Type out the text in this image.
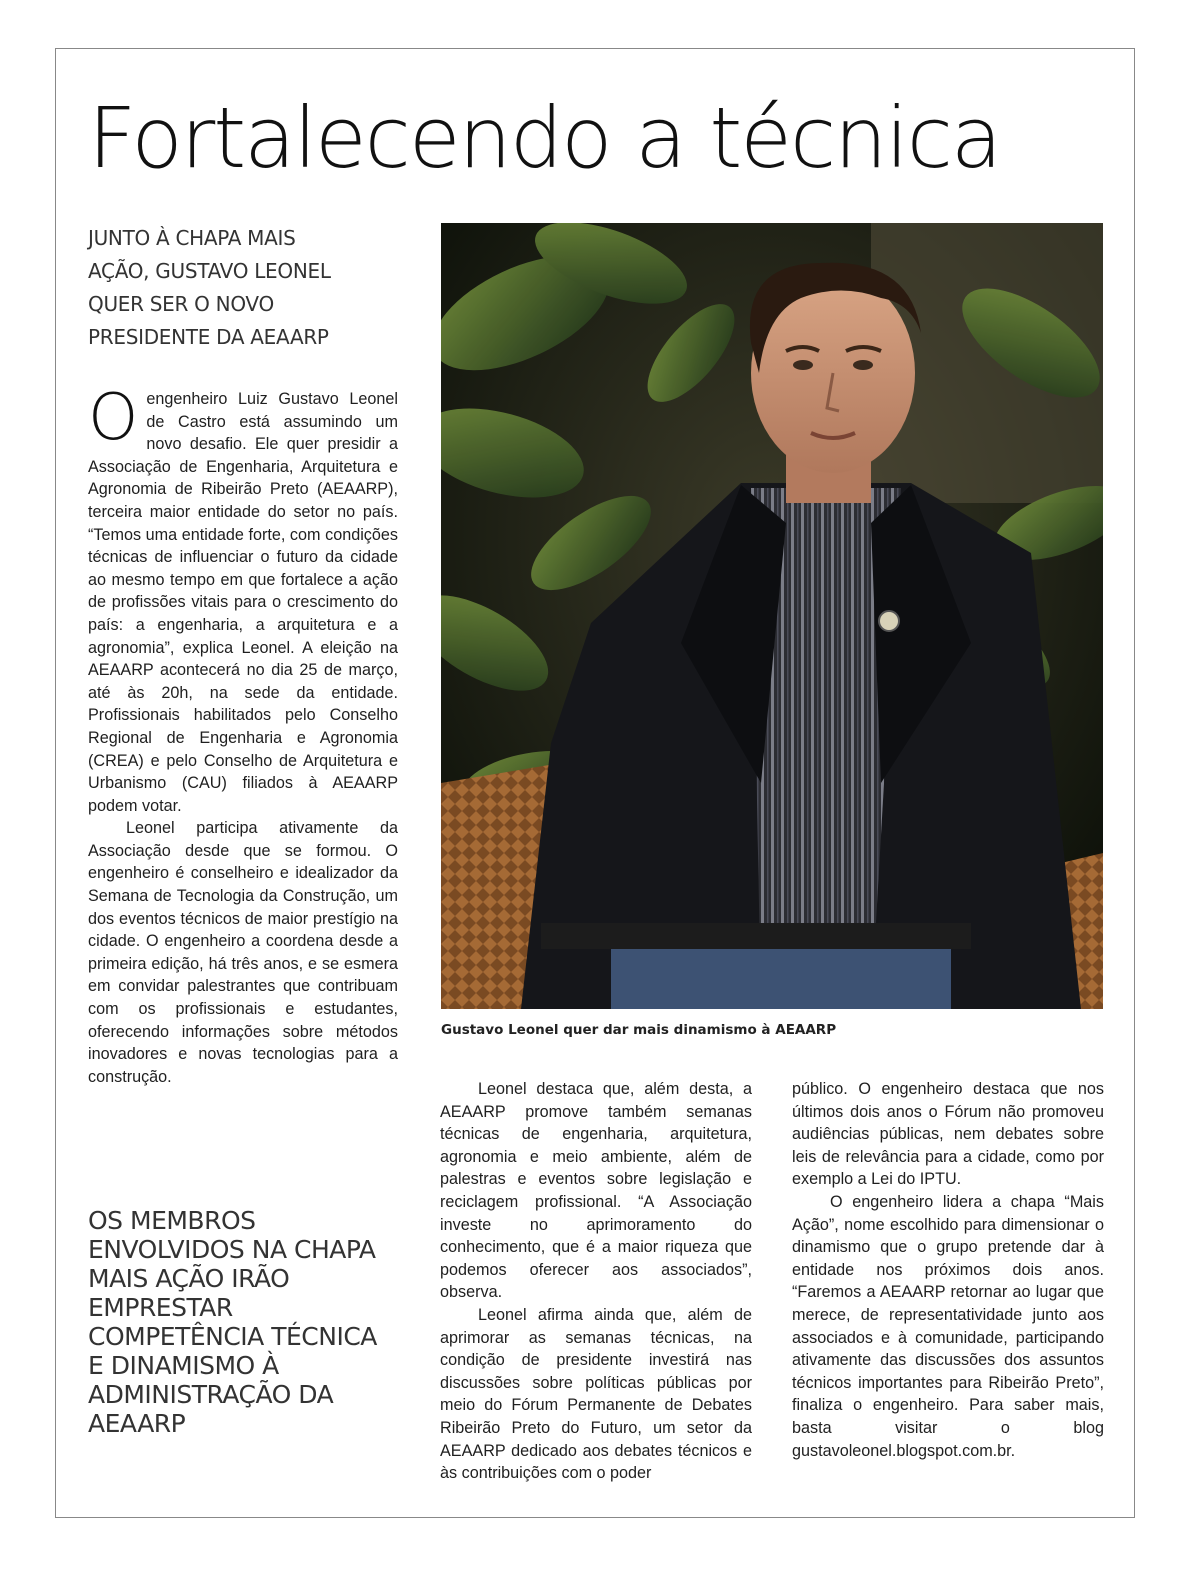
Fortalecendo a técnica
JUNTO À CHAPA MAIS AÇÃO, GUSTAVO LEONEL QUER SER O NOVO PRESIDENTE DA AEAARP

Oengenheiro Luiz Gustavo Leonel de Castro está assumindo um novo desafio. Ele quer presidir a Associação de Engenharia, Arquitetura e Agronomia de Ribeirão Preto (AEAARP), terceira maior entidade do setor no país. “Temos uma entidade forte, com condições técnicas de influenciar o futuro da cidade ao mesmo tempo em que fortalece a ação de profissões vitais para o crescimento do país: a engenharia, a arquitetura e a agronomia”, explica Leonel. A eleição na AEAARP acontecerá no dia 25 de março, até às 20h, na sede da entidade. Profissionais habilitados pelo Conselho Regional de Engenharia e Agronomia (CREA) e pelo Conselho de Arquitetura e Urbanismo (CAU) filiados à AEAARP podem votar.

Leonel participa ativamente da Associação desde que se formou. O engenheiro é conselheiro e idealizador da Semana de Tecnologia da Construção, um dos eventos técnicos de maior prestígio na cidade. O engenheiro a coordena desde a primeira edição, há três anos, e se esmera em convidar palestrantes que contribuam com os profissionais e estudantes, oferecendo informações sobre métodos inovadores e novas tecnologias para a construção.

OS MEMBROS ENVOLVIDOS NA CHAPA MAIS AÇÃO IRÃO EMPRESTAR COMPETÊNCIA TÉCNICA E DINAMISMO À ADMINISTRAÇÃO DA AEAARP
Gustavo Leonel quer dar mais dinamismo à AEAARP

Leonel destaca que, além desta, a AEAARP promove também semanas técnicas de engenharia, arquitetura, agronomia e meio ambiente, além de palestras e eventos sobre legislação e reciclagem profissional. “A Associação investe no aprimoramento do conhecimento, que é a maior riqueza que podemos oferecer aos associados”, observa.

Leonel afirma ainda que, além de aprimorar as semanas técnicas, na condição de presidente investirá nas discussões sobre políticas públicas por meio do Fórum Permanente de Debates Ribeirão Preto do Futuro, um setor da AEAARP dedicado aos debates técnicos e às contribuições com o poder

público. O engenheiro destaca que nos últimos dois anos o Fórum não promoveu audiências públicas, nem debates sobre leis de relevância para a cidade, como por exemplo a Lei do IPTU.

O engenheiro lidera a chapa “Mais Ação”, nome escolhido para dimensionar o dinamismo que o grupo pretende dar à entidade nos próximos dois anos. “Faremos a AEAARP retornar ao lugar que merece, de representatividade junto aos associados e à comunidade, participando ativamente das discussões dos assuntos técnicos importantes para Ribeirão Preto”, finaliza o engenheiro. Para saber mais, basta visitar o blog gustavoleonel.blogspot.com.br.
